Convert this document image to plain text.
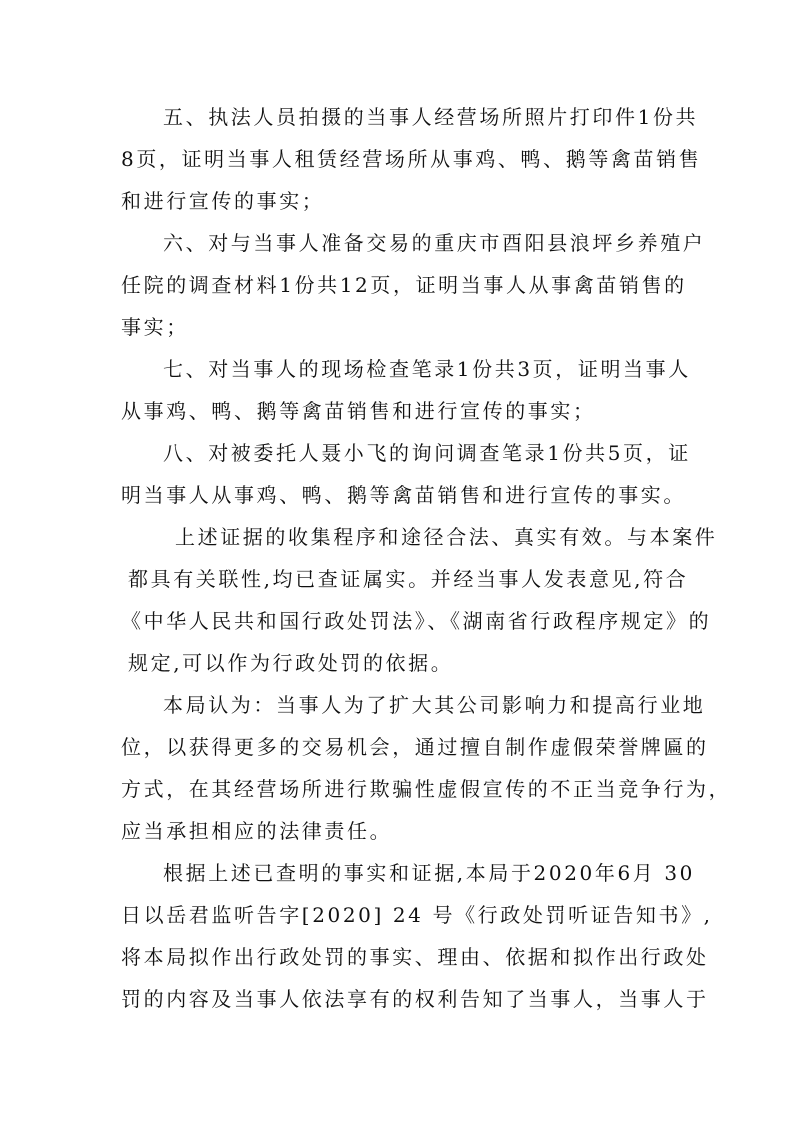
五、执法人员拍摄的当事人经营场所照片打印件1份共
8页，证明当事人租赁经营场所从事鸡、鸭、鹅等禽苗销售
和进行宣传的事实；
六、对与当事人准备交易的重庆市酉阳县浪坪乡养殖户
任院的调查材料1份共12页，证明当事人从事禽苗销售的
事实；
七、对当事人的现场检查笔录1份共3页，证明当事人
从事鸡、鸭、鹅等禽苗销售和进行宣传的事实；
八、对被委托人聂小飞的询问调查笔录1份共5页，证
明当事人从事鸡、鸭、鹅等禽苗销售和进行宣传的事实。
上述证据的收集程序和途径合法、真实有效。与本案件
都具有关联性,均已查证属实。并经当事人发表意见,符合
《中华人民共和国行政处罚法》、《湖南省行政程序规定》的
规定,可以作为行政处罚的依据。
本局认为：当事人为了扩大其公司影响力和提高行业地
位，以获得更多的交易机会，通过擅自制作虚假荣誉牌匾的
方式，在其经营场所进行欺骗性虚假宣传的不正当竞争行为，
应当承担相应的法律责任。
根据上述已查明的事实和证据,本局于2020年6月 30
日以岳君监听告字[2020] 24 号《行政处罚听证告知书》,
将本局拟作出行政处罚的事实、理由、依据和拟作出行政处
罚的内容及当事人依法享有的权利告知了当事人，当事人于
